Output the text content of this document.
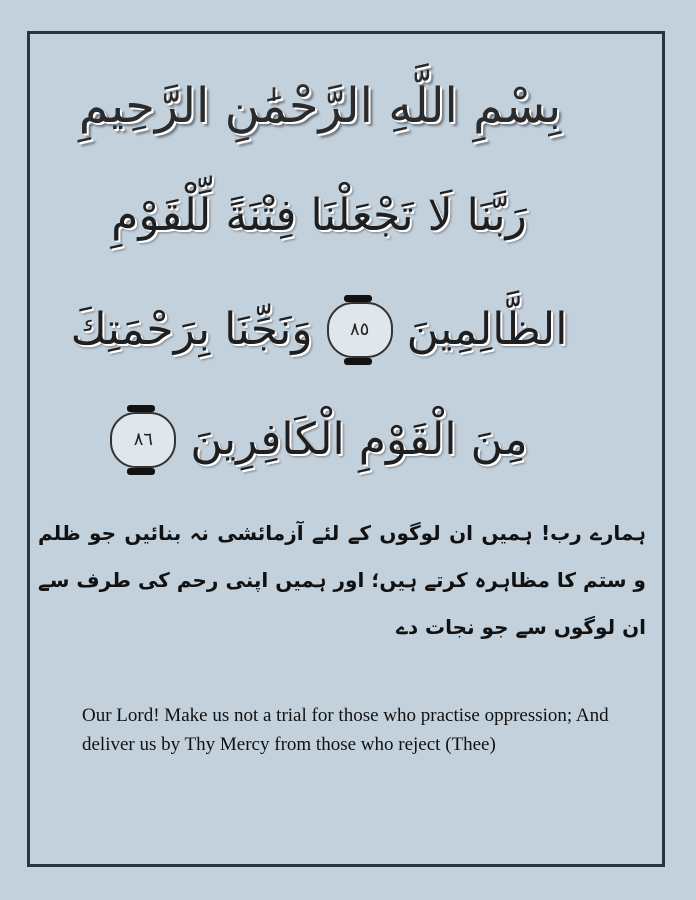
بِسْمِ اللَّهِ الرَّحْمَٰنِ الرَّحِيمِ
رَبَّنَا لَا تَجْعَلْنَا فِتْنَةً لِّلْقَوْمِ
الظَّالِمِينَ
٨٥
وَنَجِّنَا بِرَحْمَتِكَ
مِنَ الْقَوْمِ الْكَافِرِينَ
٨٦
ہمارے رب! ہمیں ان لوگوں کے لئے آزمائشی نہ بنائیں جو ظلم و ستم کا مظاہرہ کرتے ہیں؛ اور ہمیں اپنی رحم کی طرف سے ان لوگوں سے جو نجات دے
Our Lord! Make us not a trial for those who practise oppression; And deliver us by Thy Mercy from those who reject (Thee)
